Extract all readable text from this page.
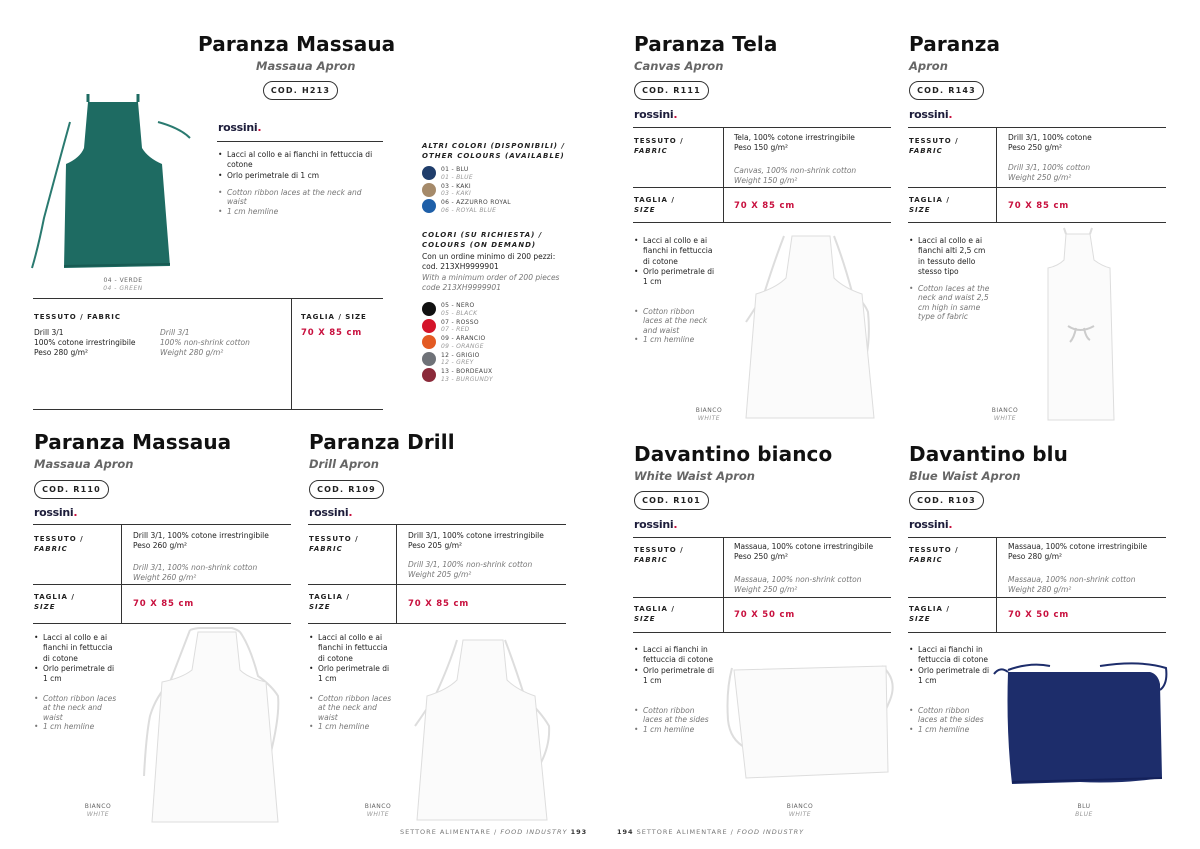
Paranza Massaua
Massaua Apron
COD. H213
04 - VERDE
04 - GREEN
rossini.
• Lacci al collo e ai fianchi in fettuccia di cotone
• Orlo perimetrale di 1 cm
• Cotton ribbon laces at the neck and waist
• 1 cm hemline
TESSUTO / FABRIC	TAGLIA / SIZE
Drill 3/1
100% cotone irrestringibile
Peso 280 g/m²
Drill 3/1
100% non-shrink cotton
Weight 280 g/m²
70 X 85 cm
ALTRI COLORI (DISPONIBILI) /
OTHER COLOURS (AVAILABLE)
01 - BLU
01 - BLUE
03 - KAKI
03 - KAKI
06 - AZZURRO ROYAL
06 - ROYAL BLUE
COLORI (SU RICHIESTA) /
COLOURS (ON DEMAND)
Con un ordine minimo di 200 pezzi:
cod. 213XH9999901
With a minimum order of 200 pieces
code 213XH9999901
05 - NERO
05 - BLACK
07 - ROSSO
07 - RED
09 - ARANCIO
09 - ORANGE
12 - GRIGIO
12 - GREY
13 - BORDEAUX
13 - BURGUNDY
Paranza Massaua
Massaua Apron
COD. R110
rossini.
TESSUTO /
FABRIC
Drill 3/1, 100% cotone irrestringibile
Peso 260 g/m²
Drill 3/1, 100% non-shrink cotton
Weight 260 g/m²
TAGLIA /
SIZE	70 X 85 cm
• Lacci al collo e ai fianchi in fettuccia di cotone
• Orlo perimetrale di 1 cm
• Cotton ribbon laces at the neck and waist
• 1 cm hemline
BIANCO
WHITE
Paranza Drill
Drill Apron
COD. R109
rossini.
TESSUTO /
FABRIC
Drill 3/1, 100% cotone irrestringibile
Peso 205 g/m²
Drill 3/1, 100% non-shrink cotton
Weight 205 g/m²
TAGLIA /
SIZE	70 X 85 cm
• Lacci al collo e ai fianchi in fettuccia di cotone
• Orlo perimetrale di 1 cm
• Cotton ribbon laces at the neck and waist
• 1 cm hemline
BIANCO
WHITE
SETTORE ALIMENTARE / FOOD INDUSTRY 193
Paranza Tela
Canvas Apron
COD. R111
rossini.
TESSUTO /
FABRIC
Tela, 100% cotone irrestringibile
Peso 150 g/m²
Canvas, 100% non-shrink cotton
Weight 150 g/m²
TAGLIA /
SIZE	70 X 85 cm
• Lacci al collo e ai fianchi in fettuccia di cotone
• Orlo perimetrale di 1 cm
• Cotton ribbon laces at the neck and waist
• 1 cm hemline
BIANCO
WHITE
Paranza
Apron
COD. R143
rossini.
TESSUTO /
FABRIC
Drill 3/1, 100% cotone
Peso 250 g/m²
Drill 3/1, 100% cotton
Weight 250 g/m²
TAGLIA /
SIZE	70 X 85 cm
• Lacci al collo e ai fianchi alti 2,5 cm in tessuto dello stesso tipo
• Cotton laces at the neck and waist 2,5 cm high in same type of fabric
BIANCO
WHITE
Davantino bianco
White Waist Apron
COD. R101
rossini.
TESSUTO /
FABRIC
Massaua, 100% cotone irrestringibile
Peso 250 g/m²
Massaua, 100% non-shrink cotton
Weight 250 g/m²
TAGLIA /
SIZE	70 X 50 cm
• Lacci ai fianchi in fettuccia di cotone
• Orlo perimetrale di 1 cm
• Cotton ribbon laces at the sides
• 1 cm hemline
BIANCO
WHITE
Davantino blu
Blue Waist Apron
COD. R103
rossini.
TESSUTO /
FABRIC
Massaua, 100% cotone irrestringibile
Peso 280 g/m²
Massaua, 100% non-shrink cotton
Weight 280 g/m²
TAGLIA /
SIZE	70 X 50 cm
• Lacci ai fianchi in fettuccia di cotone
• Orlo perimetrale di 1 cm
• Cotton ribbon laces at the sides
• 1 cm hemline
BLU
BLUE
194 SETTORE ALIMENTARE / FOOD INDUSTRY
